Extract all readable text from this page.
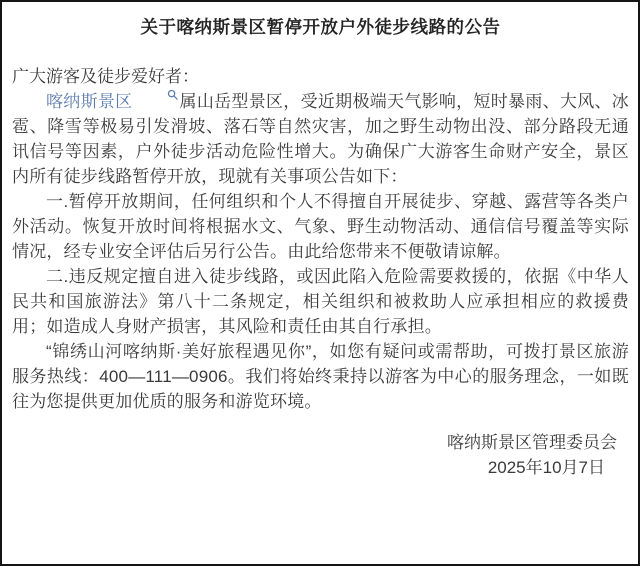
关于喀纳斯景区暂停开放户外徒步线路的公告
广大游客及徒步爱好者：

喀纳斯景区	属山岳型景区，受近期极端天气影响，短时暴雨、大风、冰雹、降雪等极易引发滑坡、落石等自然灾害，加之野生动物出没、部分路段无通讯信号等因素，户外徒步活动危险性增大。为确保广大游客生命财产安全，景区内所有徒步线路暂停开放，现就有关事项公告如下：

一.暂停开放期间，任何组织和个人不得擅自开展徒步、穿越、露营等各类户外活动。恢复开放时间将根据水文、气象、野生动物活动、通信信号覆盖等实际情况，经专业安全评估后另行公告。由此给您带来不便敬请谅解。

二.违反规定擅自进入徒步线路，或因此陷入危险需要救援的，依据《中华人民共和国旅游法》第八十二条规定，相关组织和被救助人应承担相应的救援费用；如造成人身财产损害，其风险和责任由其自行承担。

“锦绣山河喀纳斯·美好旅程遇见你”，如您有疑问或需帮助，可拨打景区旅游服务热线：400—111—0906。我们将始终秉持以游客为中心的服务理念，一如既往为您提供更加优质的服务和游览环境。

喀纳斯景区管理委员会
2025年10月7日
